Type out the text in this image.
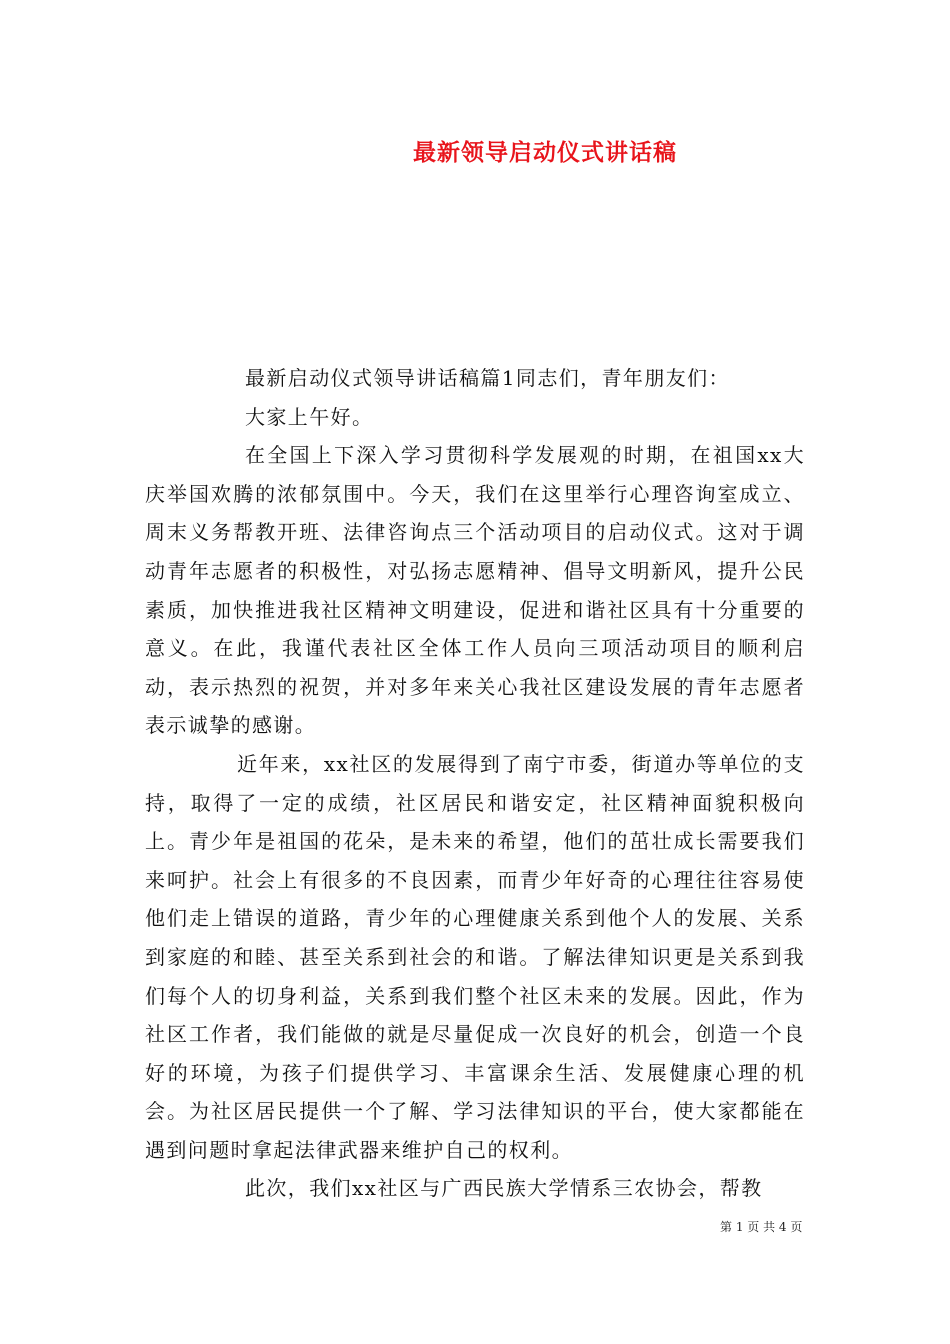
最新领导启动仪式讲话稿

最新启动仪式领导讲话稿篇1同志们，青年朋友们：

大家上午好。

在全国上下深入学习贯彻科学发展观的时期，在祖国xx大庆举国欢腾的浓郁氛围中。今天，我们在这里举行心理咨询室成立、周末义务帮教开班、法律咨询点三个活动项目的启动仪式。这对于调动青年志愿者的积极性，对弘扬志愿精神、倡导文明新风，提升公民素质，加快推进我社区精神文明建设，促进和谐社区具有十分重要的意义。在此，我谨代表社区全体工作人员向三项活动项目的顺利启动，表示热烈的祝贺，并对多年来关心我社区建设发展的青年志愿者表示诚挚的感谢。

近年来，xx社区的发展得到了南宁市委，街道办等单位的支持，取得了一定的成绩，社区居民和谐安定，社区精神面貌积极向上。青少年是祖国的花朵，是未来的希望，他们的茁壮成长需要我们来呵护。社会上有很多的不良因素，而青少年好奇的心理往往容易使他们走上错误的道路，青少年的心理健康关系到他个人的发展、关系到家庭的和睦、甚至关系到社会的和谐。了解法律知识更是关系到我们每个人的切身利益，关系到我们整个社区未来的发展。因此，作为社区工作者，我们能做的就是尽量促成一次良好的机会，创造一个良好的环境，为孩子们提供学习、丰富课余生活、发展健康心理的机会。为社区居民提供一个了解、学习法律知识的平台，使大家都能在遇到问题时拿起法律武器来维护自己的权利。

此次，我们xx社区与广西民族大学情系三农协会，帮教

第 1 页 共 4 页
